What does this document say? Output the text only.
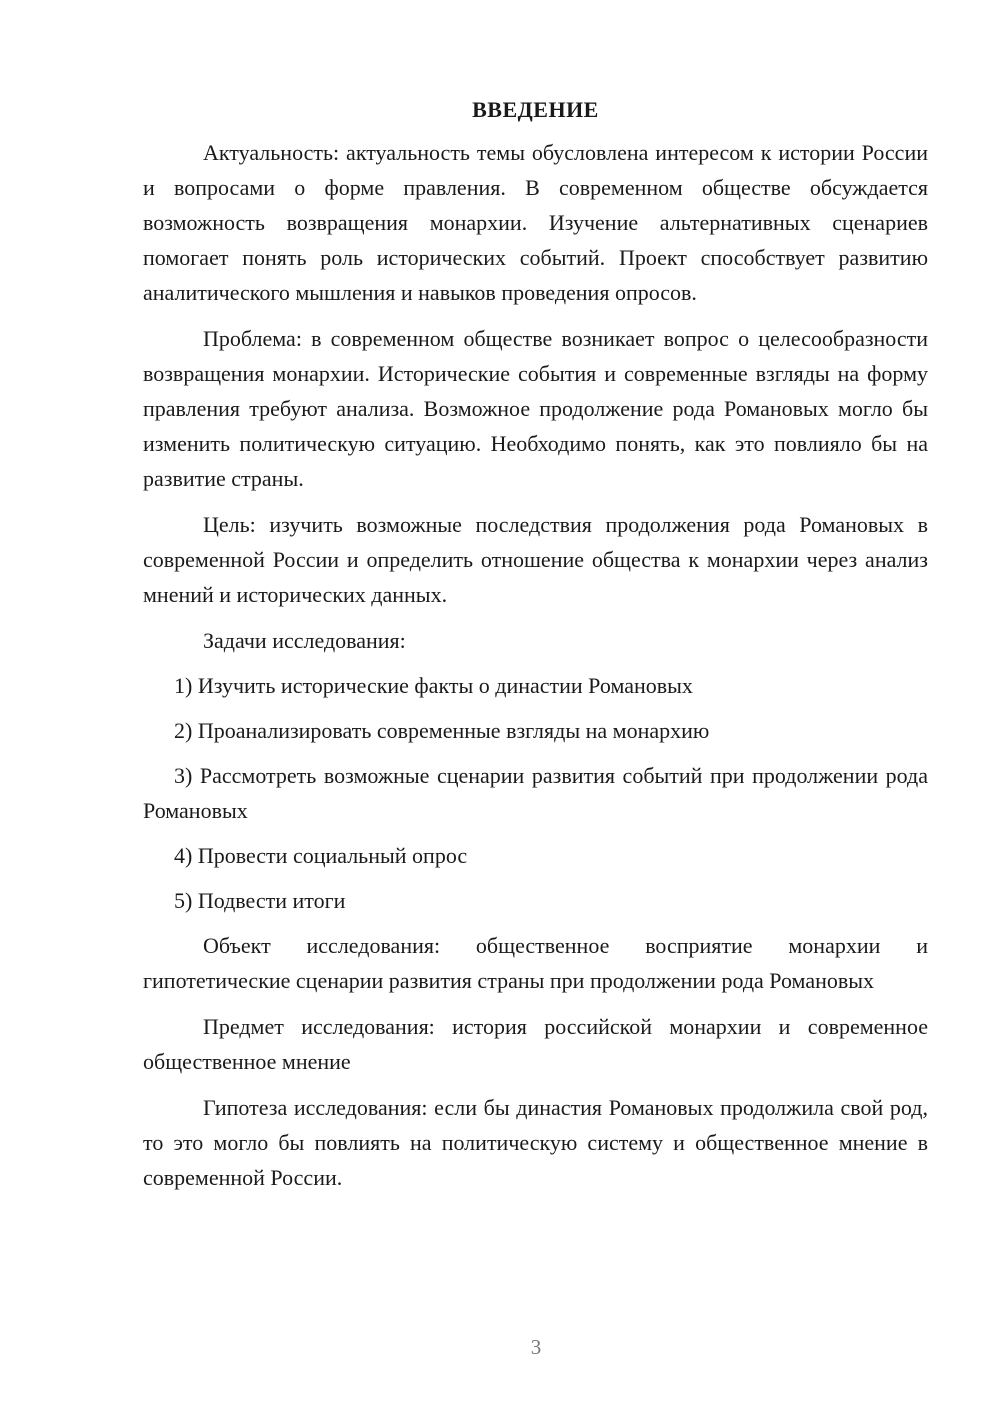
ВВЕДЕНИЕ

Актуальность: актуальность темы обусловлена интересом к истории России и вопросами о форме правления. В современном обществе обсуждается возможность возвращения монархии. Изучение альтернативных сценариев помогает понять роль исторических событий. Проект способствует развитию аналитического мышления и навыков проведения опросов.

Проблема: в современном обществе возникает вопрос о целесообразности возвращения монархии. Исторические события и современные взгляды на форму правления требуют анализа. Возможное продолжение рода Романовых могло бы изменить политическую ситуацию. Необходимо понять, как это повлияло бы на развитие страны.

Цель: изучить возможные последствия продолжения рода Романовых в современной России и определить отношение общества к монархии через анализ мнений и исторических данных.

Задачи исследования:

1) Изучить исторические факты о династии Романовых

2) Проанализировать современные взгляды на монархию

3) Рассмотреть возможные сценарии развития событий при продолжении рода Романовых

4) Провести социальный опрос

5) Подвести итоги

Объект исследования: общественное восприятие монархии и гипотетические сценарии развития страны при продолжении рода Романовых

Предмет исследования: история российской монархии и современное общественное мнение

Гипотеза исследования: если бы династия Романовых продолжила свой род, то это могло бы повлиять на политическую систему и общественное мнение в современной России.

3
